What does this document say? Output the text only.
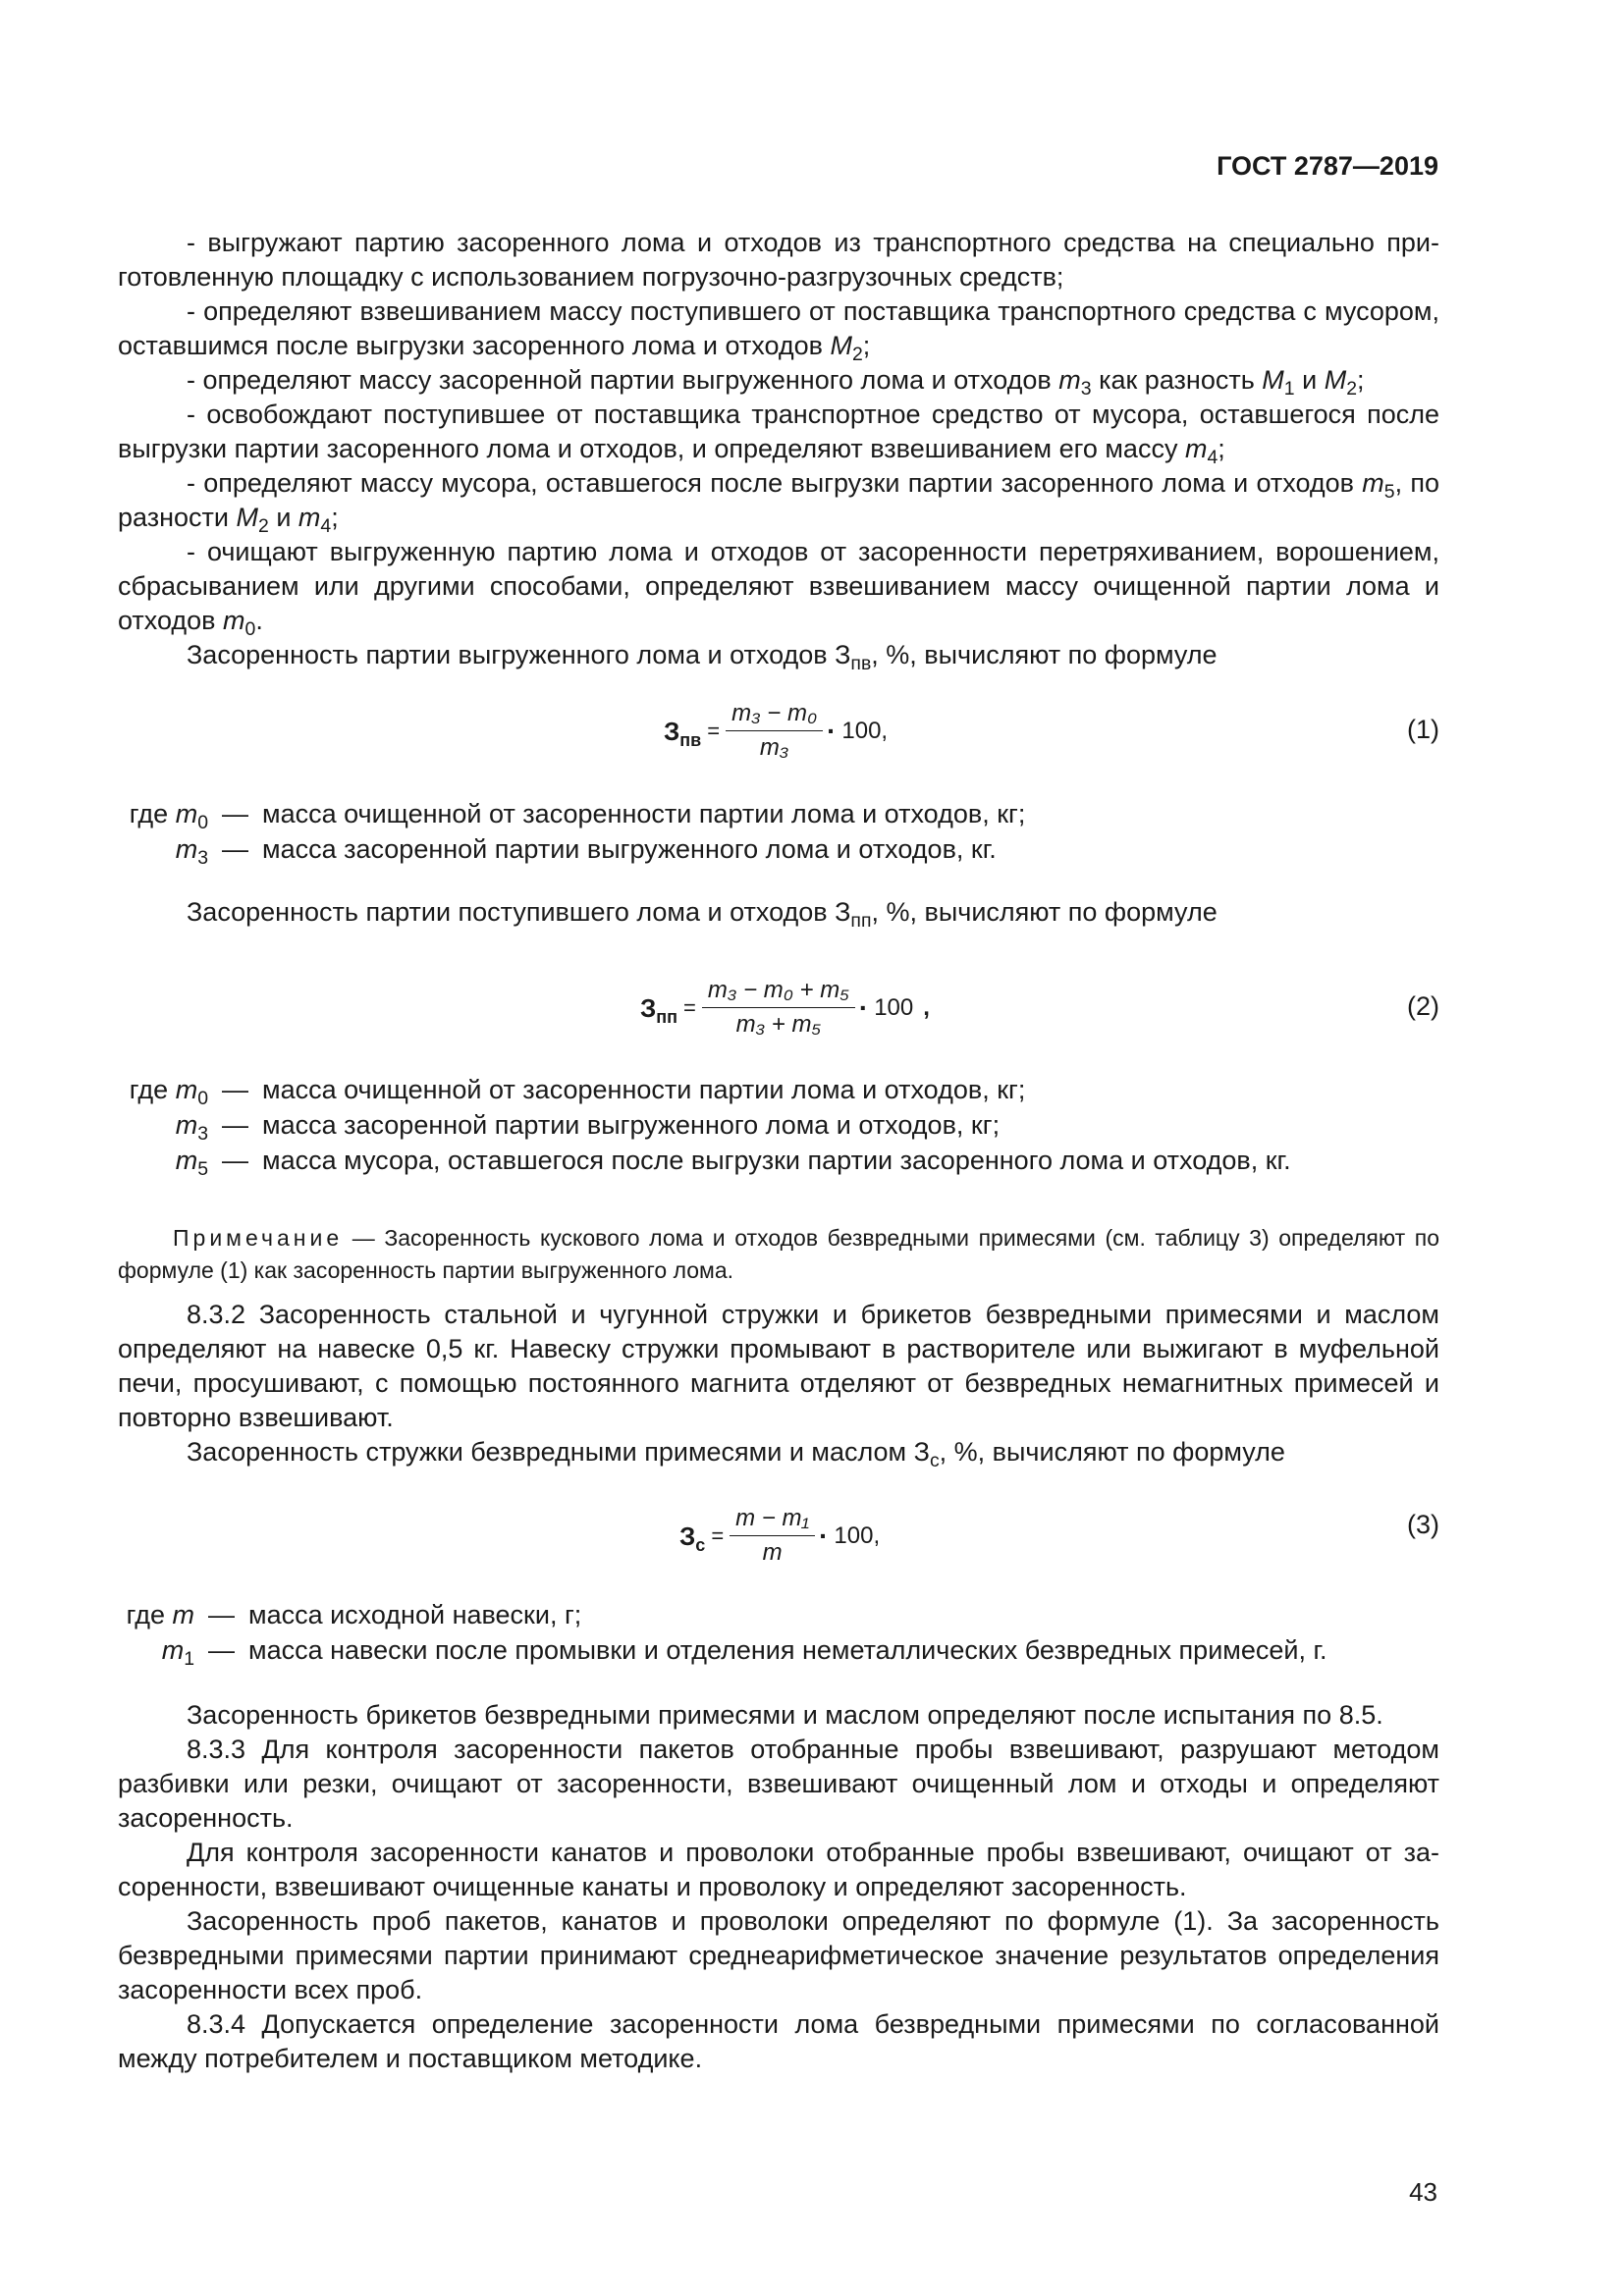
ГОСТ 2787—2019

- выгружают партию засоренного лома и отходов из транспортного средства на специально приготовленную площадку с использованием погрузочно-разгрузочных средств;

- определяют взвешиванием массу поступившего от поставщика транспортного средства с мусором, оставшимся после выгрузки засоренного лома и отходов $M_2$;

- определяют массу засоренной партии выгруженного лома и отходов $m_3$ как разность $M_1$ и $M_2$;

- освобождают поступившее от поставщика транспортное средство от мусора, оставшегося после выгрузки партии засоренного лома и отходов, и определяют взвешиванием его массу $m_4$;

- определяют массу мусора, оставшегося после выгрузки партии засоренного лома и отходов $m_5$, по разности $M_2$ и $m_4$;

- очищают выгруженную партию лома и отходов от засоренности перетряхиванием, ворошением, сбрасыванием или другими способами, определяют взвешиванием массу очищенной партии лома и отходов $m_0$.

Засоренность партии выгруженного лома и отходов $З_{пв}$, %, вычисляют по формуле

$З_{пв} = \frac{\text{m₃ − m₀}}{\text{m₃}} \cdot 100$,	(1)
где $m_0$ — масса очищенной от засоренности партии лома и отходов, кг;
$m_3$ — масса засоренной партии выгруженного лома и отходов, кг.

Засоренность партии поступившего лома и отходов $З_{пп}$, %, вычисляют по формуле

$З_{пп} = \frac{\text{m₃ − m₀ + m₅}}{\text{m₃ + m₅}} \cdot 100$ ,	(2)
где $m_0$ — масса очищенной от засоренности партии лома и отходов, кг;
$m_3$ — масса засоренной партии выгруженного лома и отходов, кг;
$m_5$ — масса мусора, оставшегося после выгрузки партии засоренного лома и отходов, кг.

Примечание — Засоренность кускового лома и отходов безвредными примесями (см. таблицу 3) определяют по формуле (1) как засоренность партии выгруженного лома.

8.3.2 Засоренность стальной и чугунной стружки и брикетов безвредными примесями и маслом определяют на навеске 0,5 кг. Навеску стружки промывают в растворителе или выжигают в муфельной печи, просушивают, с помощью постоянного магнита отделяют от безвредных немагнитных примесей и повторно взвешивают.

Засоренность стружки безвредными примесями и маслом $З_с$, %, вычисляют по формуле

$З_с = \frac{\text{m − m₁}}{m} \cdot 100$,	(3)
где m — масса исходной навески, г;
$m_1$ — масса навески после промывки и отделения неметаллических безвредных примесей, г.

Засоренность брикетов безвредными примесями и маслом определяют после испытания по 8.5.

8.3.3 Для контроля засоренности пакетов отобранные пробы взвешивают, разрушают методом разбивки или резки, очищают от засоренности, взвешивают очищенный лом и отходы и определяют засоренность.

Для контроля засоренности канатов и проволоки отобранные пробы взвешивают, очищают от засоренности, взвешивают очищенные канаты и проволоку и определяют засоренность.

Засоренность проб пакетов, канатов и проволоки определяют по формуле (1). За засоренность безвредными примесями партии принимают среднеарифметическое значение результатов определения засоренности всех проб.

8.3.4 Допускается определение засоренности лома безвредными примесями по согласованной между потребителем и поставщиком методике.

43
